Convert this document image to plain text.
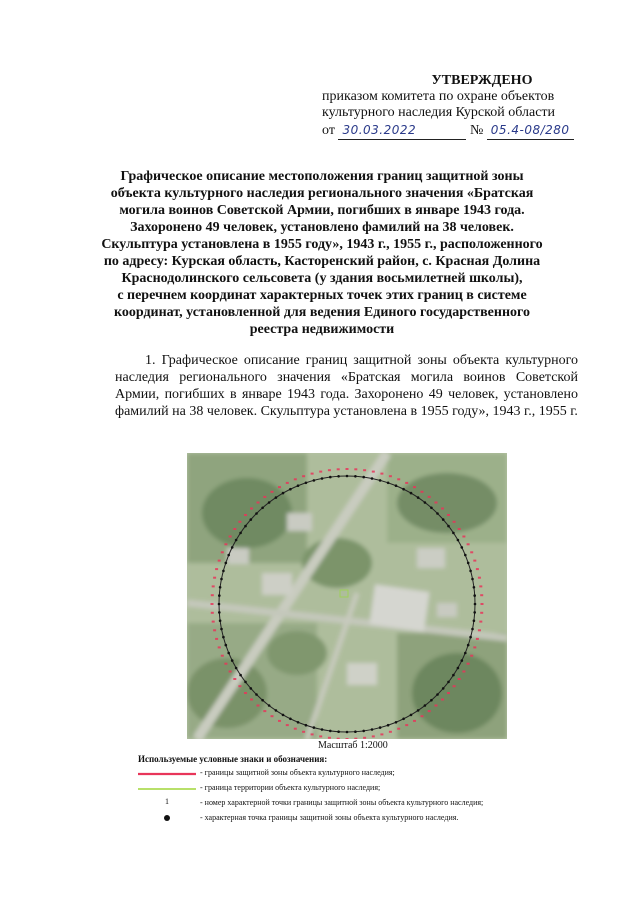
УТВЕРЖДЕНО
приказом комитета по охране объектов
культурного наследия Курской области
от 30.03.2022	№ 05.4-08/280
Графическое описание местоположения границ защитной зоны
объекта культурного наследия регионального значения «Братская
могила воинов Советской Армии, погибших в январе 1943 года.
Захоронено 49 человек, установлено фамилий на 38 человек.
Скульптура установлена в 1955 году», 1943 г., 1955 г., расположенного
по адресу: Курская область, Касторенский район, с. Красная Долина
Краснодолинского сельсовета (у здания восьмилетней школы),
с перечнем координат характерных точек этих границ в системе
координат, установленной для ведения Единого государственного
реестра недвижимости
1. Графическое описание границ защитной зоны объекта культурного наследия регионального значения «Братская могила воинов Советской Армии, погибших в январе 1943 года. Захоронено 49 человек, установлено фамилий на 38 человек. Скульптура установлена в 1955 году», 1943 г., 1955 г.
Масштаб 1:2000
Используемые условные знаки и обозначения:
- границы защитной зоны объекта культурного наследия;
- граница территории объекта культурного наследия;
1	- номер характерной точки границы защитной зоны объекта культурного наследия;
- характерная точка границы защитной зоны объекта культурного наследия.
